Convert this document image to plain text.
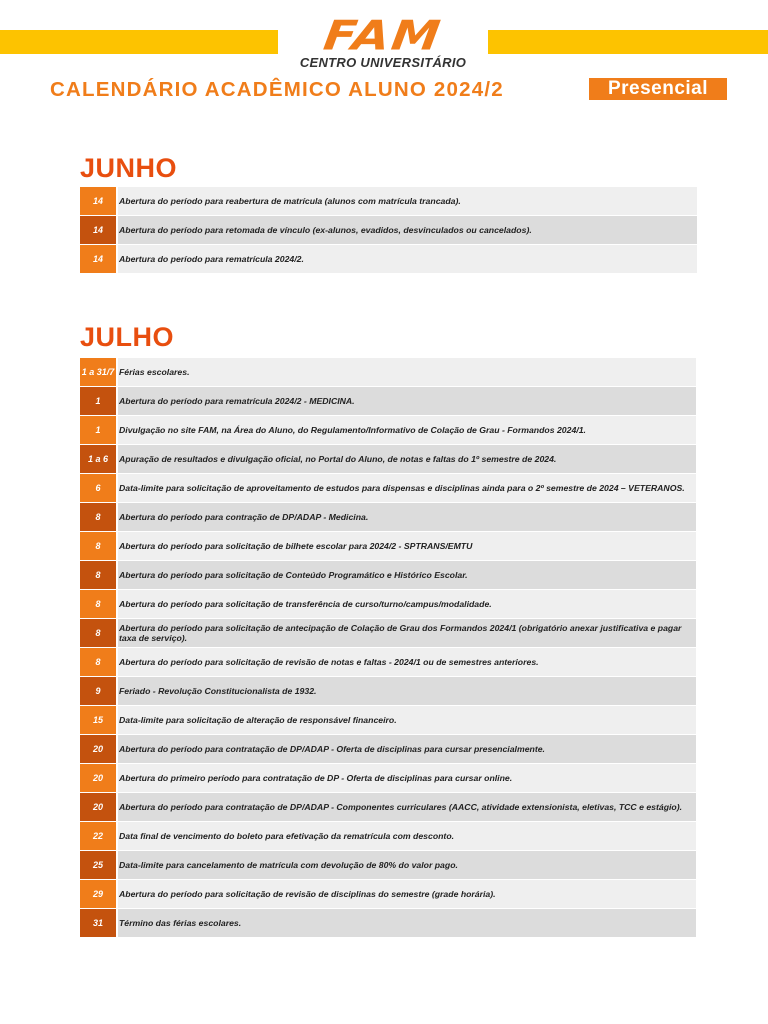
FAM
CENTRO UNIVERSITÁRIO
CALENDÁRIO ACADÊMICO ALUNO 2024/2	Presencial
JUNHO
14	Abertura do período para reabertura de matrícula (alunos com matrícula trancada).
14	Abertura do período para retomada de vínculo (ex-alunos, evadidos, desvinculados ou cancelados).
14	Abertura do período para rematrícula 2024/2.
JULHO
1 a 31/7 Férias escolares.
1	Abertura do período para rematrícula 2024/2 - MEDICINA.
1	Divulgação no site FAM, na Área do Aluno, do Regulamento/Informativo de Colação de Grau - Formandos 2024/1.
1 a 6	Apuração de resultados e divulgação oficial, no Portal do Aluno, de notas e faltas do 1º semestre de 2024.
6	Data-limite para solicitação de aproveitamento de estudos para dispensas e disciplinas ainda para o 2º semestre de 2024 – VETERANOS.
8	Abertura do período para contração de DP/ADAP - Medicina.
8	Abertura do período para solicitação de bilhete escolar para 2024/2 - SPTRANS/EMTU
8	Abertura do período para solicitação de Conteúdo Programático e Histórico Escolar.
8	Abertura do período para solicitação de transferência de curso/turno/campus/modalidade.
8	Abertura do período para solicitação de antecipação de Colação de Grau dos Formandos 2024/1 (obrigatório anexar justificativa e pagar taxa de serviço).
8	Abertura do período para solicitação de revisão de notas e faltas - 2024/1 ou de semestres anteriores.
9	Feriado - Revolução Constitucionalista de 1932.
15	Data-limite para solicitação de alteração de responsável financeiro.
20	Abertura do período para contratação de DP/ADAP - Oferta de disciplinas para cursar presencialmente.
20	Abertura do primeiro período para contratação de DP - Oferta de disciplinas para cursar online.
20	Abertura do período para contratação de DP/ADAP - Componentes curriculares (AACC, atividade extensionista, eletivas, TCC e estágio).
22	Data final de vencimento do boleto para efetivação da rematrícula com desconto.
25	Data-limite para cancelamento de matrícula com devolução de 80% do valor pago.
29	Abertura do período para solicitação de revisão de disciplinas do semestre (grade horária).
31	Término das férias escolares.
